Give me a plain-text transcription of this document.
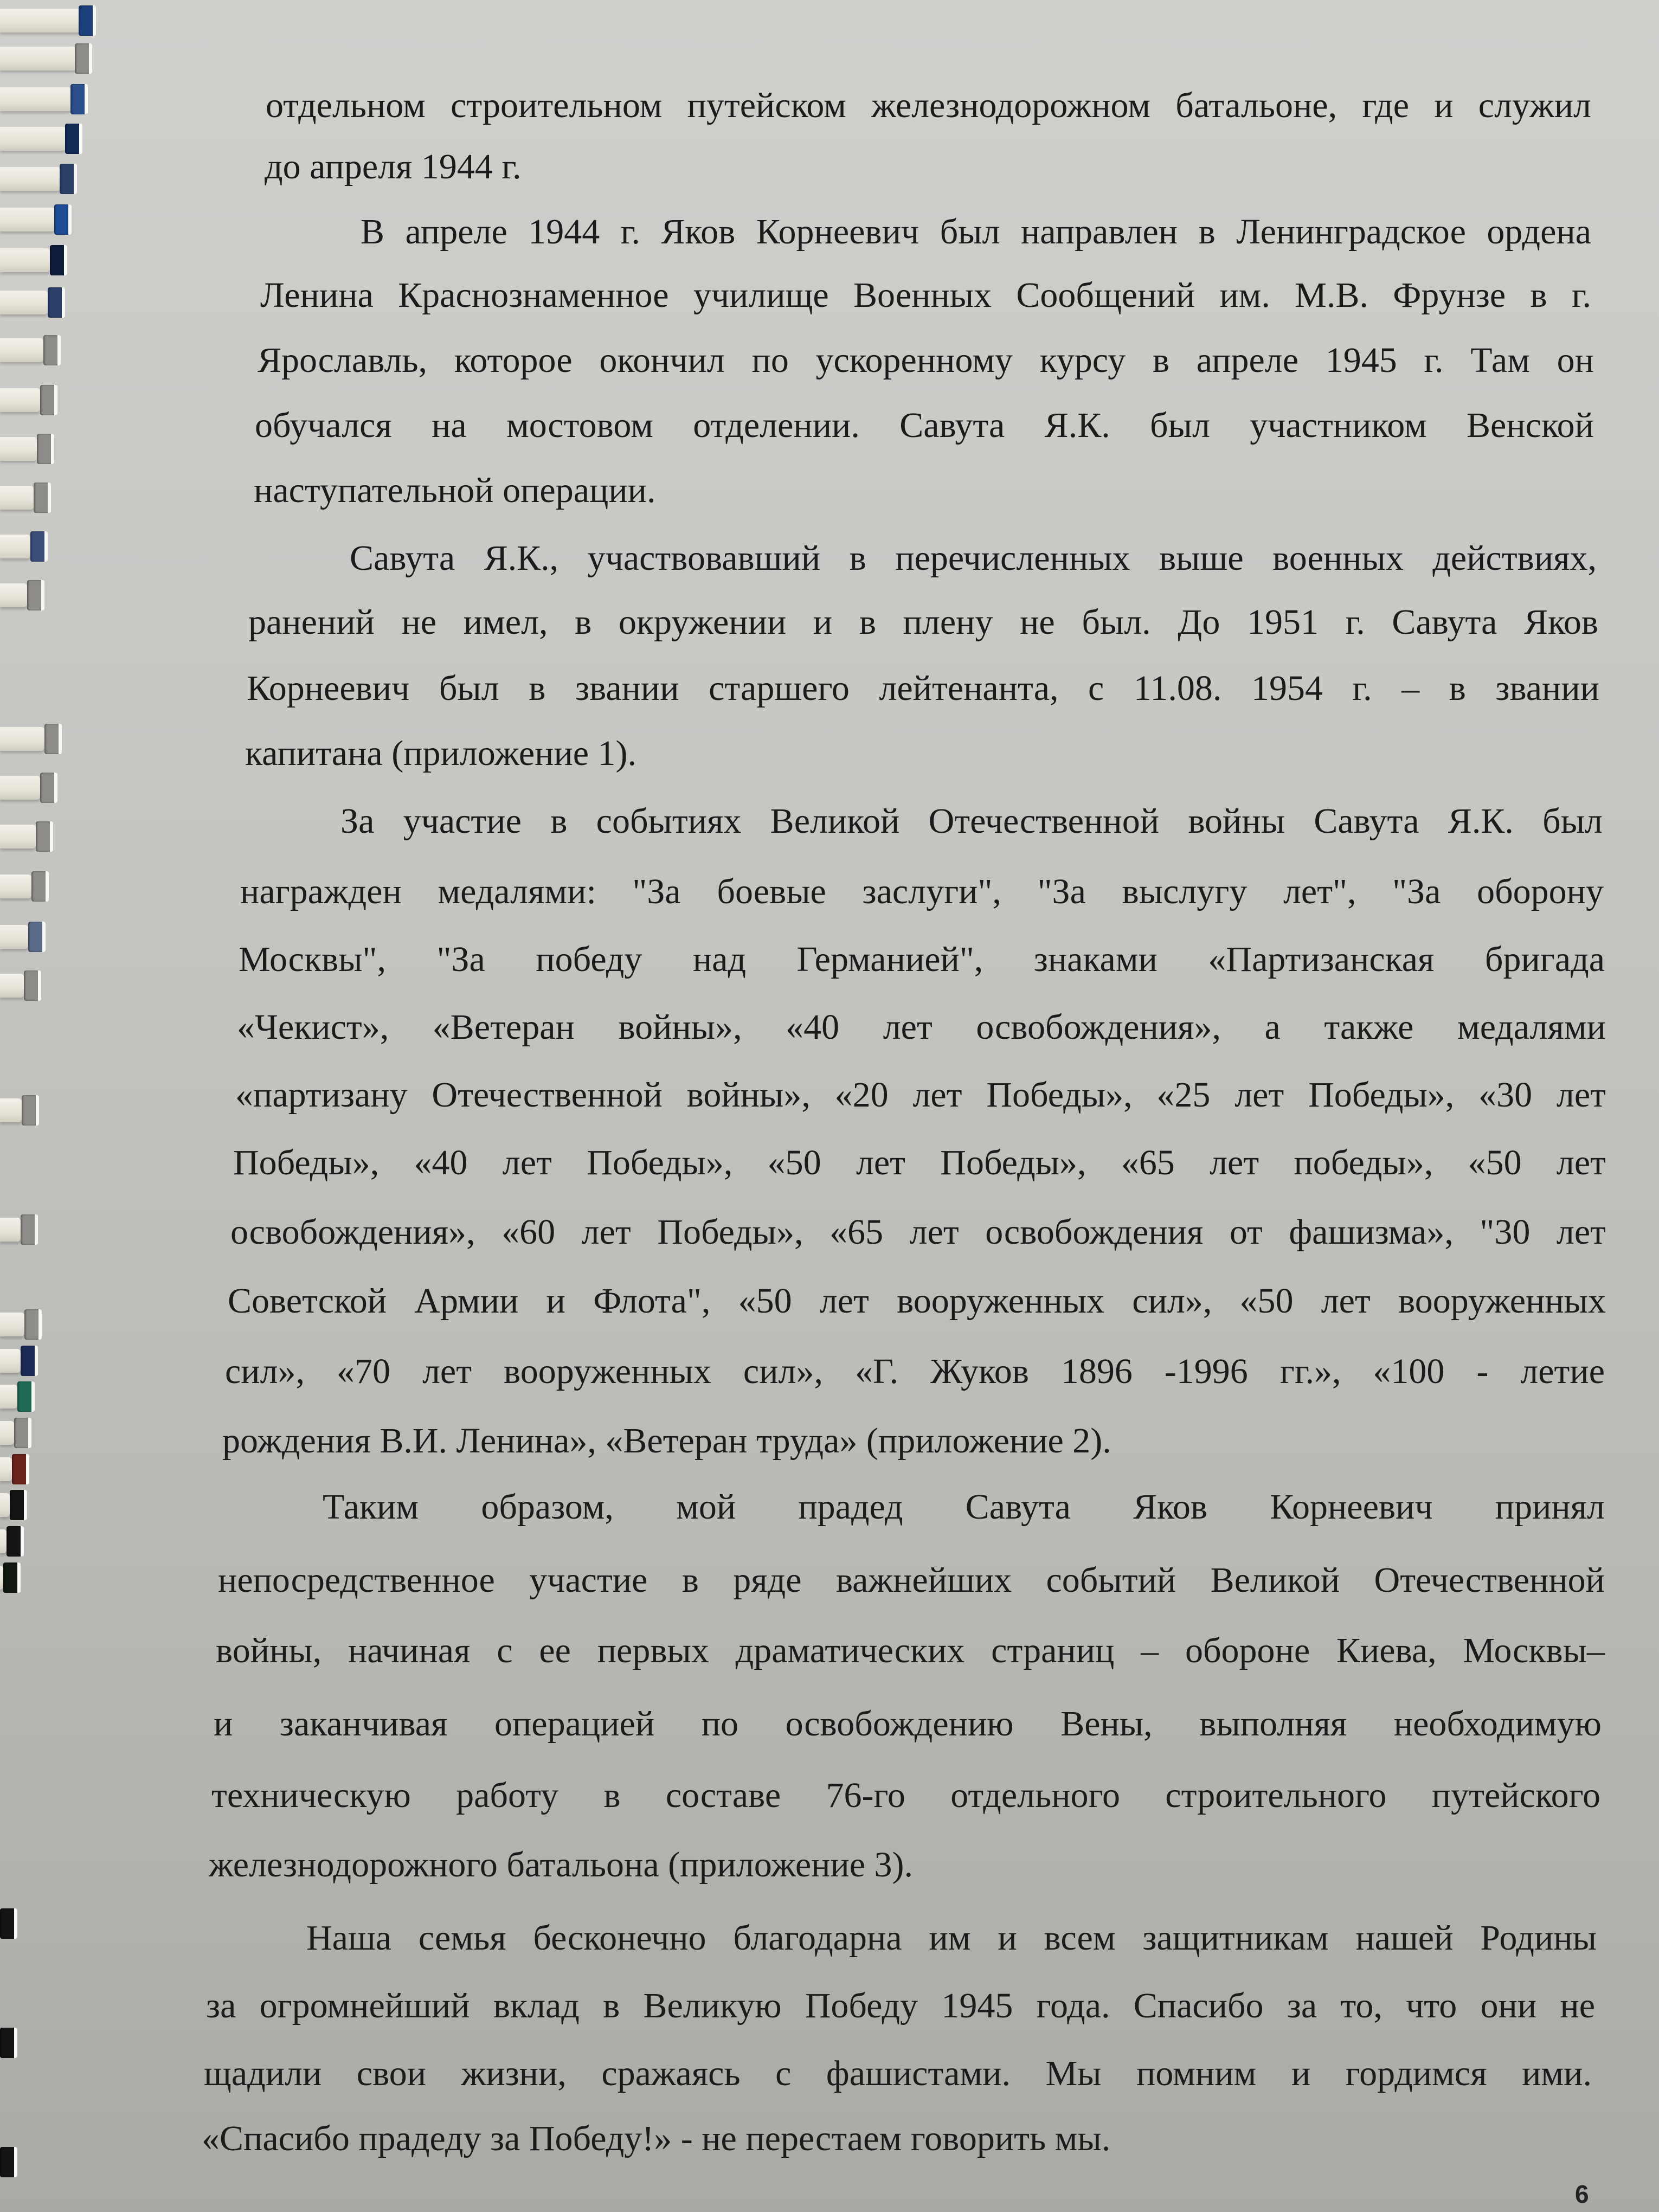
отдельном строительном путейском железнодорожном батальоне, где и служил
до апреля 1944 г.
В апреле 1944 г. Яков Корнеевич был направлен в Ленинградское ордена
Ленина Краснознаменное училище Военных Сообщений им. М.В. Фрунзе в г.
Ярославль, которое окончил по ускоренному курсу в апреле 1945 г. Там он
обучался на мостовом отделении. Савута Я.К. был участником Венской
наступательной операции.
Савута Я.К., участвовавший в перечисленных выше военных действиях,
ранений не имел, в окружении и в плену не был. До 1951 г. Савута Яков
Корнеевич был в звании старшего лейтенанта, с 11.08. 1954 г. – в звании
капитана (приложение 1).
За участие в событиях Великой Отечественной войны Савута Я.К. был
награжден медалями: "За боевые заслуги", "За выслугу лет", "За оборону
Москвы", "За победу над Германией", знаками «Партизанская бригада
«Чекист», «Ветеран войны», «40 лет освобождения», а также медалями
«партизану Отечественной войны», «20 лет Победы», «25 лет Победы», «30 лет
Победы», «40 лет Победы», «50 лет Победы», «65 лет победы», «50 лет
освобождения», «60 лет Победы», «65 лет освобождения от фашизма», "30 лет
Советской Армии и Флота", «50 лет вооруженных сил», «50 лет вооруженных
сил», «70 лет вооруженных сил», «Г. Жуков 1896 -1996 гг.», «100 - летие
рождения В.И. Ленина», «Ветеран труда» (приложение 2).
Таким образом, мой прадед Савута Яков Корнеевич принял
непосредственное участие в ряде важнейших событий Великой Отечественной
войны, начиная с ее первых драматических страниц – обороне Киева, Москвы–
и заканчивая операцией по освобождению Вены, выполняя необходимую
техническую работу в составе 76-го отдельного строительного путейского
железнодорожного батальона (приложение 3).
Наша семья бесконечно благодарна им и всем защитникам нашей Родины
за огромнейший вклад в Великую Победу 1945 года. Спасибо за то, что они не
щадили свои жизни, сражаясь с фашистами. Мы помним и гордимся ими.
«Спасибо прадеду за Победу!» - не перестаем говорить мы.
6
